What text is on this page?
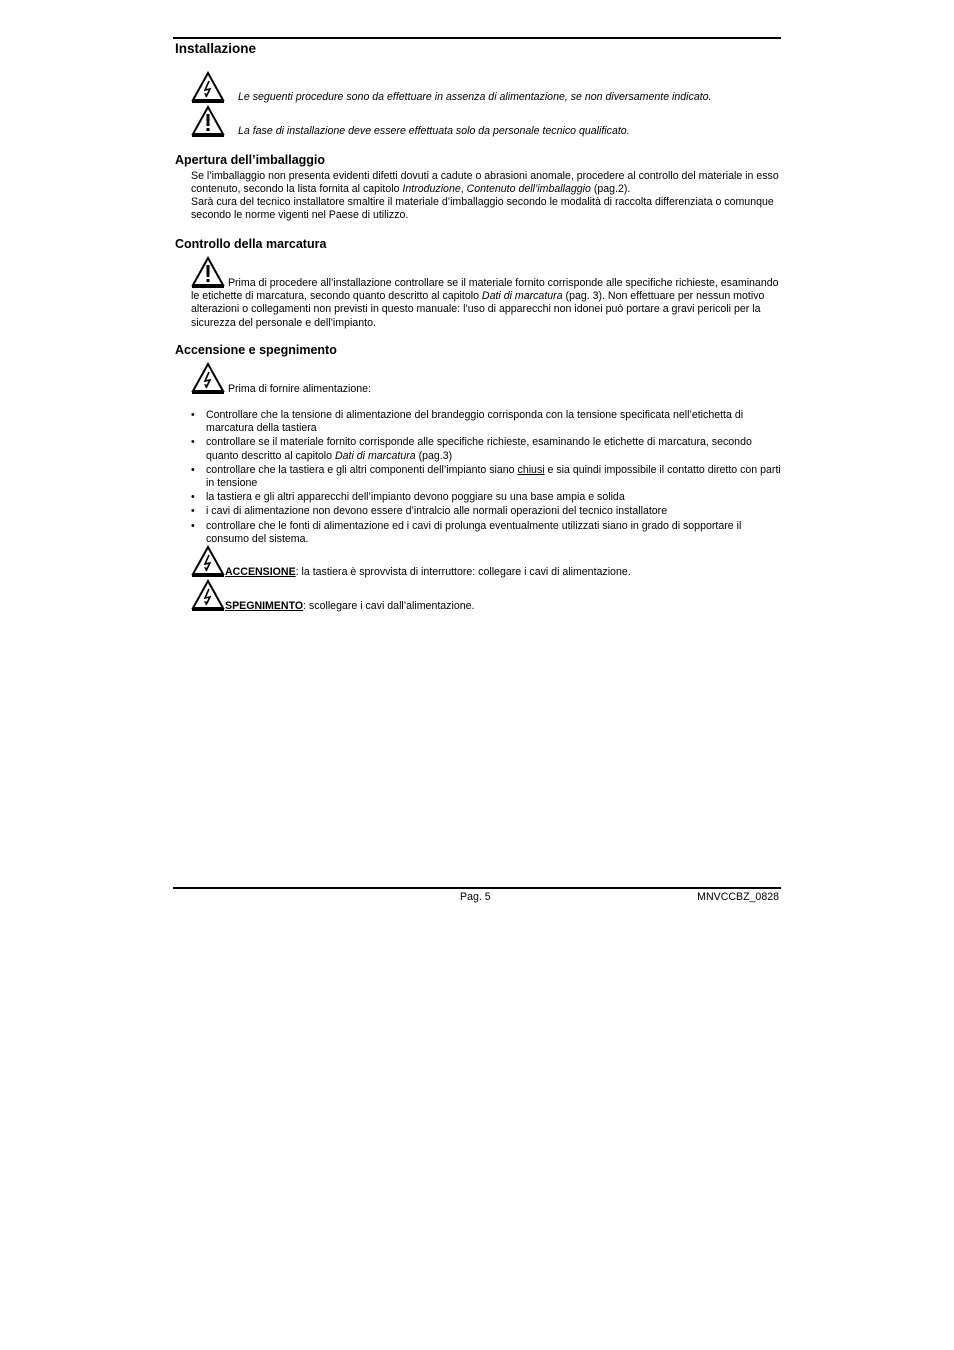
Installazione
Le seguenti procedure sono da effettuare in assenza di alimentazione, se non diversamente indicato.
La fase di installazione deve essere effettuata solo da personale tecnico qualificato.
Apertura dell’imballaggio
Se l’imballaggio non presenta evidenti difetti dovuti a cadute o abrasioni anomale, procedere al controllo del materiale in esso contenuto, secondo la lista fornita al capitolo Introduzione, Contenuto dell’imballaggio (pag.2).
Sarà cura del tecnico installatore smaltire il materiale d’imballaggio secondo le modalità di raccolta differenziata o comunque secondo le norme vigenti nel Paese di utilizzo.
Controllo della marcatura
Prima di procedere all’installazione controllare se il materiale fornito corrisponde alle specifiche richieste, esaminando le etichette di marcatura, secondo quanto descritto al capitolo Dati di marcatura (pag. 3). Non effettuare per nessun motivo alterazioni o collegamenti non previsti in questo manuale: l’uso di apparecchi non idonei può portare a gravi pericoli per la sicurezza del personale e dell’impianto.
Accensione e spegnimento
Prima di fornire alimentazione:
• Controllare che la tensione di alimentazione del brandeggio corrisponda con la tensione specificata nell’etichetta di marcatura della tastiera
• controllare se il materiale fornito corrisponde alle specifiche richieste, esaminando le etichette di marcatura, secondo quanto descritto al capitolo Dati di marcatura (pag.3)
• controllare che la tastiera e gli altri componenti dell’impianto siano chiusi e sia quindi impossibile il contatto diretto con parti in tensione
• la tastiera e gli altri apparecchi dell’impianto devono poggiare su una base ampia e solida
• i cavi di alimentazione non devono essere d’intralcio alle normali operazioni del tecnico installatore
• controllare che le fonti di alimentazione ed i cavi di prolunga eventualmente utilizzati siano in grado di sopportare il consumo del sistema.
ACCENSIONE: la tastiera è sprovvista di interruttore: collegare i cavi di alimentazione.
SPEGNIMENTO: scollegare i cavi dall’alimentazione.
Pag. 5	MNVCCBZ_0828
